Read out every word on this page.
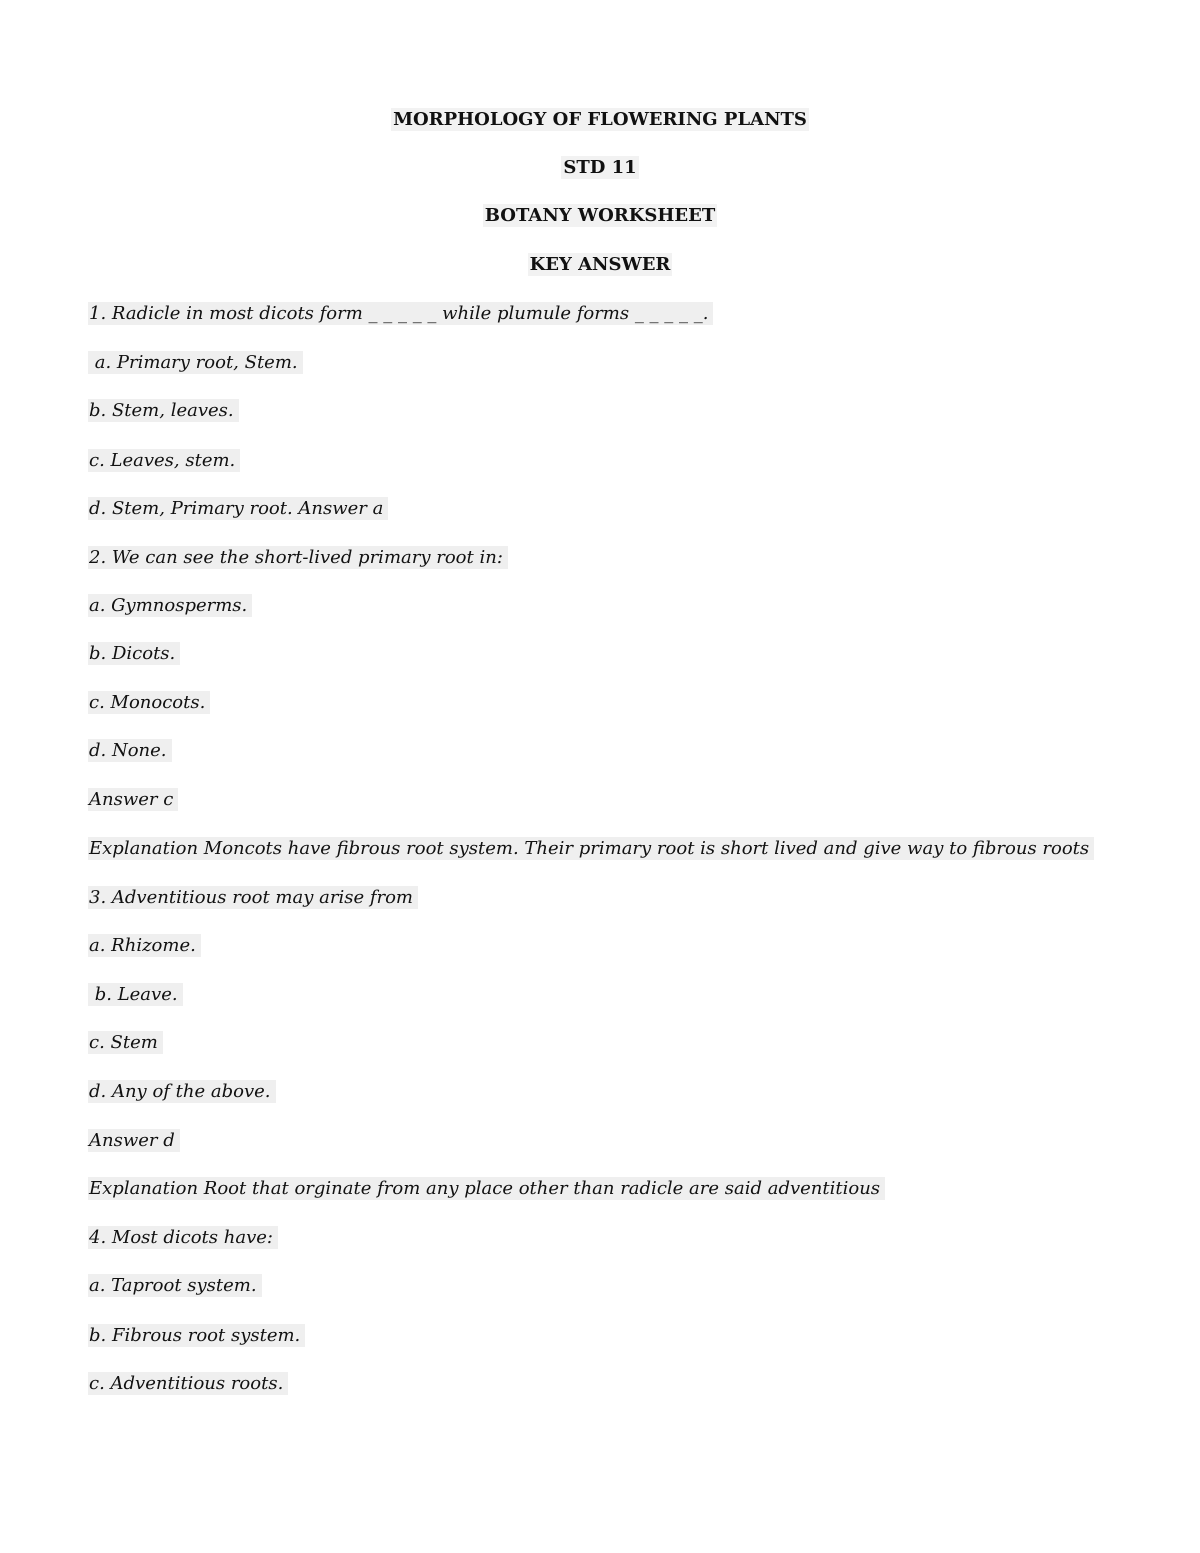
MORPHOLOGY OF FLOWERING PLANTS
STD 11
BOTANY WORKSHEET
KEY ANSWER
1. Radicle in most dicots form _ _ _ _ _ while plumule forms _ _ _ _ _.
a. Primary root, Stem.
b. Stem, leaves.
c. Leaves, stem.
d. Stem, Primary root. Answer a
2. We can see the short-lived primary root in:
a. Gymnosperms.
b. Dicots.
c. Monocots.
d. None.
Answer c
Explanation Moncots have fibrous root system. Their primary root is short lived and give way to fibrous roots
3. Adventitious root may arise from
a. Rhizome.
b. Leave.
c. Stem
d. Any of the above.
Answer d
Explanation Root that orginate from any place other than radicle are said adventitious
4. Most dicots have:
a. Taproot system.
b. Fibrous root system.
c. Adventitious roots.
